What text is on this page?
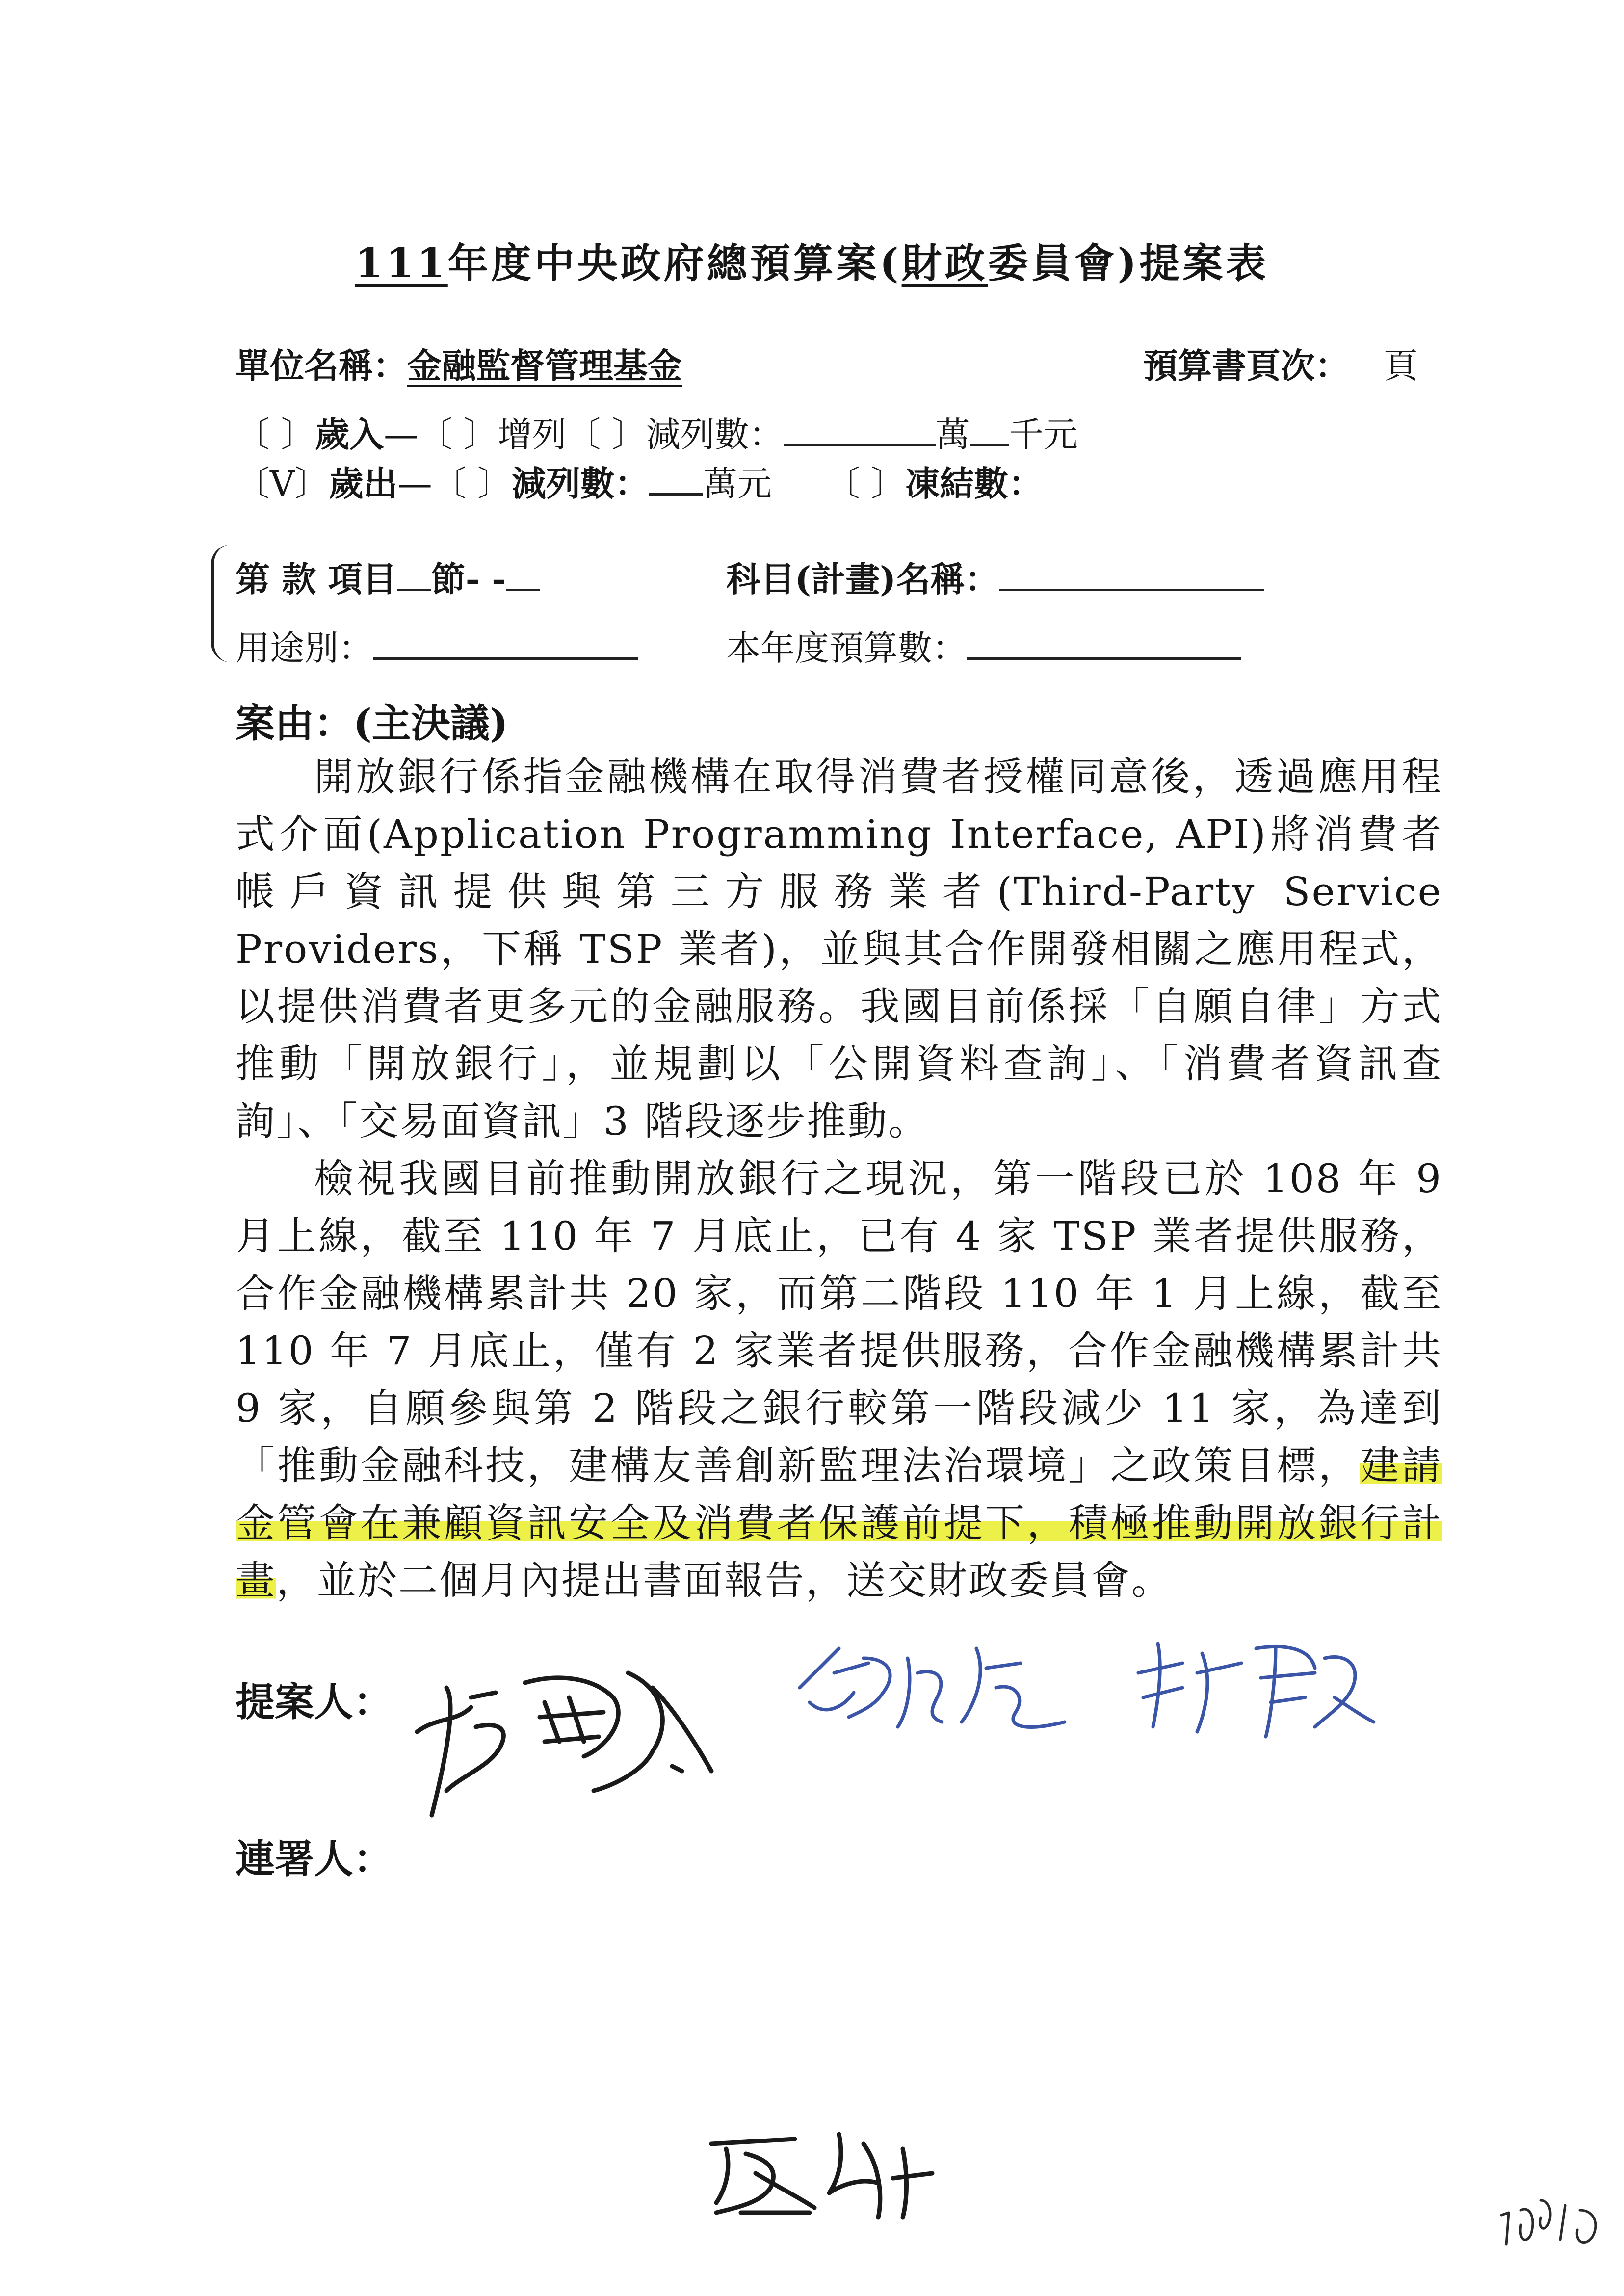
111年度中央政府總預算案(財政委員會)提案表
單位名稱：金融監督管理基金	預算書頁次： 頁
〔 〕歲入—〔 〕增列〔 〕減列數：	萬 千元
〔V〕歲出—〔 〕減列數： 萬元 〔 〕凍結數：
第 款 項目 節- -	科目(計畫)名稱：
用途別：	本年度預算數：
案由：(主決議)

開放銀行係指金融機構在取得消費者授權同意後，透過應用程式介面(Application Programming Interface, API)將消費者帳戶資訊提供與第三方服務業者(Third-Party Service Providers，下稱 TSP 業者)，並與其合作開發相關之應用程式，以提供消費者更多元的金融服務。我國目前係採「自願自律」方式推動「開放銀行」，並規劃以「公開資料查詢」、「消費者資訊查詢」、「交易面資訊」3 階段逐步推動。

檢視我國目前推動開放銀行之現況，第一階段已於 108 年 9 月上線，截至 110 年 7 月底止，已有 4 家 TSP 業者提供服務，合作金融機構累計共 20 家，而第二階段 110 年 1 月上線，截至 110 年 7 月底止，僅有 2 家業者提供服務，合作金融機構累計共 9 家，自願參與第 2 階段之銀行較第一階段減少 11 家，為達到「推動金融科技，建構友善創新監理法治環境」之政策目標，建請金管會在兼顧資訊安全及消費者保護前提下，積極推動開放銀行計畫，並於二個月內提出書面報告，送交財政委員會。

提案人：
連署人：
